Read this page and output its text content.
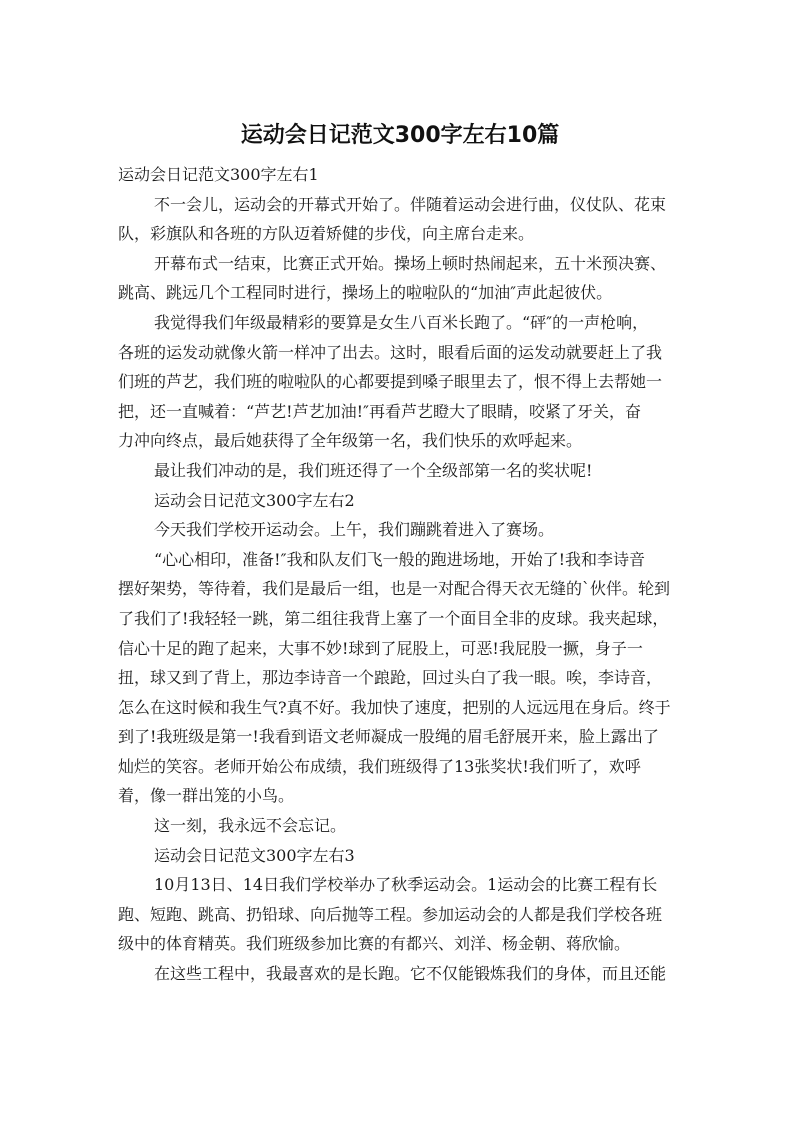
运动会日记范文300字左右10篇
运动会日记范文300字左右1
不一会儿，运动会的开幕式开始了。伴随着运动会进行曲，仪仗队、花束
队，彩旗队和各班的方队迈着矫健的步伐，向主席台走来。
开幕布式一结束，比赛正式开始。操场上顿时热闹起来，五十米预决赛、
跳高、跳远几个工程同时进行，操场上的啦啦队的“加油″声此起彼伏。
我觉得我们年级最精彩的要算是女生八百米长跑了。“砰″的一声枪响，
各班的运发动就像火箭一样冲了出去。这时，眼看后面的运发动就要赶上了我
们班的芦艺，我们班的啦啦队的心都要提到嗓子眼里去了，恨不得上去帮她一
把，还一直喊着：“芦艺!芦艺加油!″再看芦艺瞪大了眼睛，咬紧了牙关，奋
力冲向终点，最后她获得了全年级第一名，我们快乐的欢呼起来。
最让我们冲动的是，我们班还得了一个全级部第一名的奖状呢!
运动会日记范文300字左右2
今天我们学校开运动会。上午，我们蹦跳着进入了赛场。
“心心相印，准备!″我和队友们飞一般的跑进场地，开始了!我和李诗音
摆好架势，等待着，我们是最后一组，也是一对配合得天衣无缝的`伙伴。轮到
了我们了!我轻轻一跳，第二组往我背上塞了一个面目全非的皮球。我夹起球，
信心十足的跑了起来，大事不妙!球到了屁股上，可恶!我屁股一撅，身子一
扭，球又到了背上，那边李诗音一个踉跄，回过头白了我一眼。唉，李诗音，
怎么在这时候和我生气?真不好。我加快了速度，把别的人远远甩在身后。终于
到了!我班级是第一!我看到语文老师凝成一股绳的眉毛舒展开来，脸上露出了
灿烂的笑容。老师开始公布成绩，我们班级得了13张奖状!我们听了，欢呼
着，像一群出笼的小鸟。
这一刻，我永远不会忘记。
运动会日记范文300字左右3
10月13日、14日我们学校举办了秋季运动会。1运动会的比赛工程有长
跑、短跑、跳高、扔铅球、向后抛等工程。参加运动会的人都是我们学校各班
级中的体育精英。我们班级参加比赛的有都兴、刘洋、杨金朝、蒋欣愉。
在这些工程中，我最喜欢的是长跑。它不仅能锻炼我们的身体，而且还能
